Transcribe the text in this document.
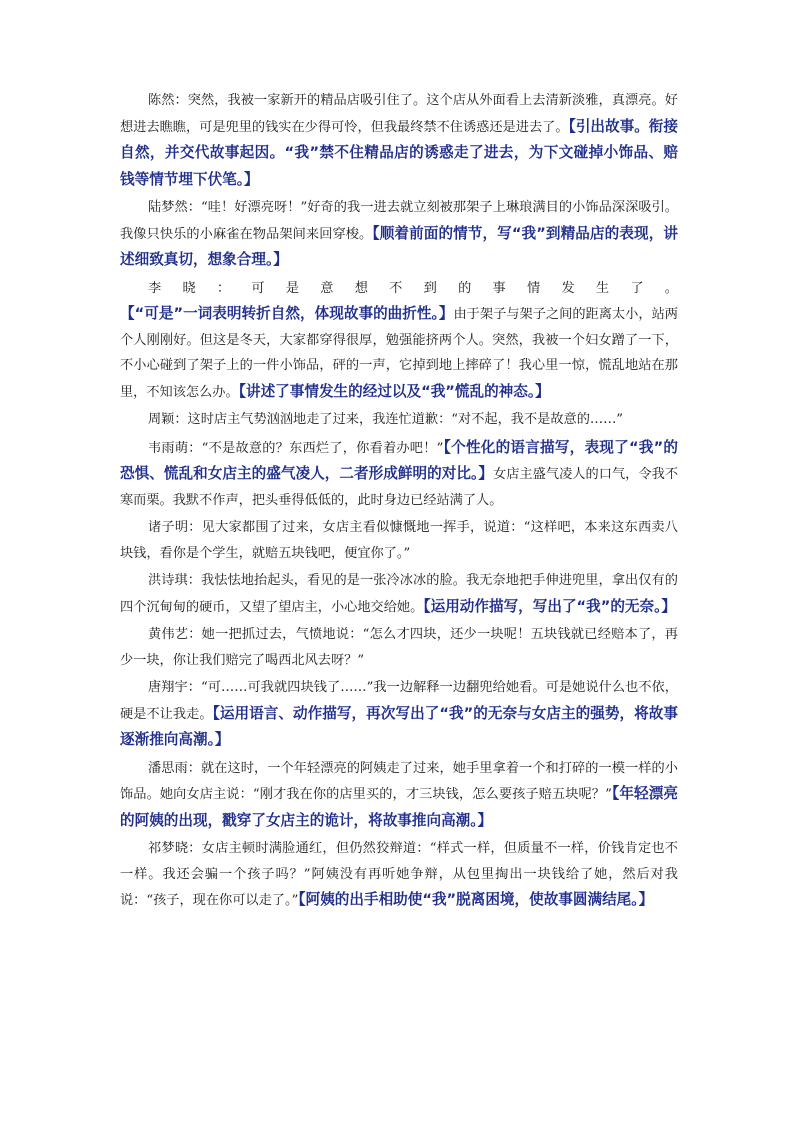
陈然：突然，我被一家新开的精品店吸引住了。这个店从外面看上去清新淡雅，真漂亮。好想进去瞧瞧，可是兜里的钱实在少得可怜，但我最终禁不住诱惑还是进去了。【引出故事。衔接自然，并交代故事起因。“我”禁不住精品店的诱惑走了进去，为下文碰掉小饰品、赔钱等情节埋下伏笔。】

陆梦然：“哇！好漂亮呀！”好奇的我一进去就立刻被那架子上琳琅满目的小饰品深深吸引。我像只快乐的小麻雀在物品架间来回穿梭。【顺着前面的情节，写“我”到精品店的表现，讲述细致真切，想象合理。】

李晓：可是意想不到的事情发生了。【“可是”一词表明转折自然，体现故事的曲折性。】由于架子与架子之间的距离太小，站两个人刚刚好。但这是冬天，大家都穿得很厚，勉强能挤两个人。突然，我被一个妇女蹭了一下，不小心碰到了架子上的一件小饰品，砰的一声，它掉到地上摔碎了！我心里一惊，慌乱地站在那里，不知该怎么办。【讲述了事情发生的经过以及“我”慌乱的神态。】

周颖：这时店主气势汹汹地走了过来，我连忙道歉：“对不起，我不是故意的……”

韦雨萌：“不是故意的？东西烂了，你看着办吧！”【个性化的语言描写，表现了“我”的恐惧、慌乱和女店主的盛气凌人，二者形成鲜明的对比。】女店主盛气凌人的口气，令我不寒而栗。我默不作声，把头垂得低低的，此时身边已经站满了人。

诸子明：见大家都围了过来，女店主看似慷慨地一挥手，说道：“这样吧，本来这东西卖八块钱，看你是个学生，就赔五块钱吧，便宜你了。”

洪诗琪：我怯怯地抬起头，看见的是一张冷冰冰的脸。我无奈地把手伸进兜里，拿出仅有的四个沉甸甸的硬币，又望了望店主，小心地交给她。【运用动作描写，写出了“我”的无奈。】

黄伟艺：她一把抓过去，气愤地说：“怎么才四块，还少一块呢！五块钱就已经赔本了，再少一块，你让我们赔完了喝西北风去呀？”

唐翔宇：“可……可我就四块钱了……”我一边解释一边翻兜给她看。可是她说什么也不依，硬是不让我走。【运用语言、动作描写，再次写出了“我”的无奈与女店主的强势，将故事逐渐推向高潮。】

潘思雨：就在这时，一个年轻漂亮的阿姨走了过来，她手里拿着一个和打碎的一模一样的小饰品。她向女店主说：“刚才我在你的店里买的，才三块钱，怎么要孩子赔五块呢？”【年轻漂亮的阿姨的出现，戳穿了女店主的诡计，将故事推向高潮。】

祁梦晓：女店主顿时满脸通红，但仍然狡辩道：“样式一样，但质量不一样，价钱肯定也不一样。我还会骗一个孩子吗？”阿姨没有再听她争辩，从包里掏出一块钱给了她，然后对我说：“孩子，现在你可以走了。”【阿姨的出手相助使“我”脱离困境，使故事圆满结尾。】
